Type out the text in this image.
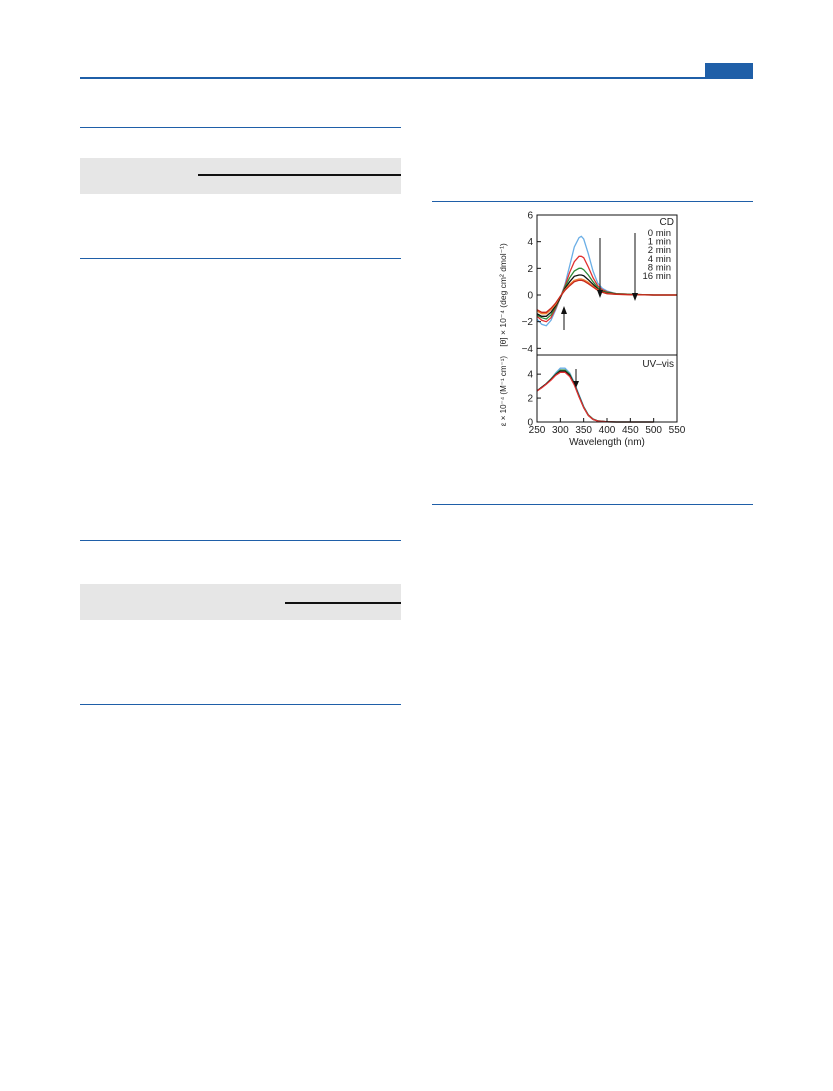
[θ] × 10⁻⁴ (deg cm² dmol⁻¹)
CD
0 min
1 min
2 min
4 min
8 min
16 min
−4
−2
0
2
4
6
ε × 10⁻⁴ (M⁻¹ cm⁻¹)	UV–vis
0
2
4
250 300 350 400 450 500 550
Wavelength (nm)
